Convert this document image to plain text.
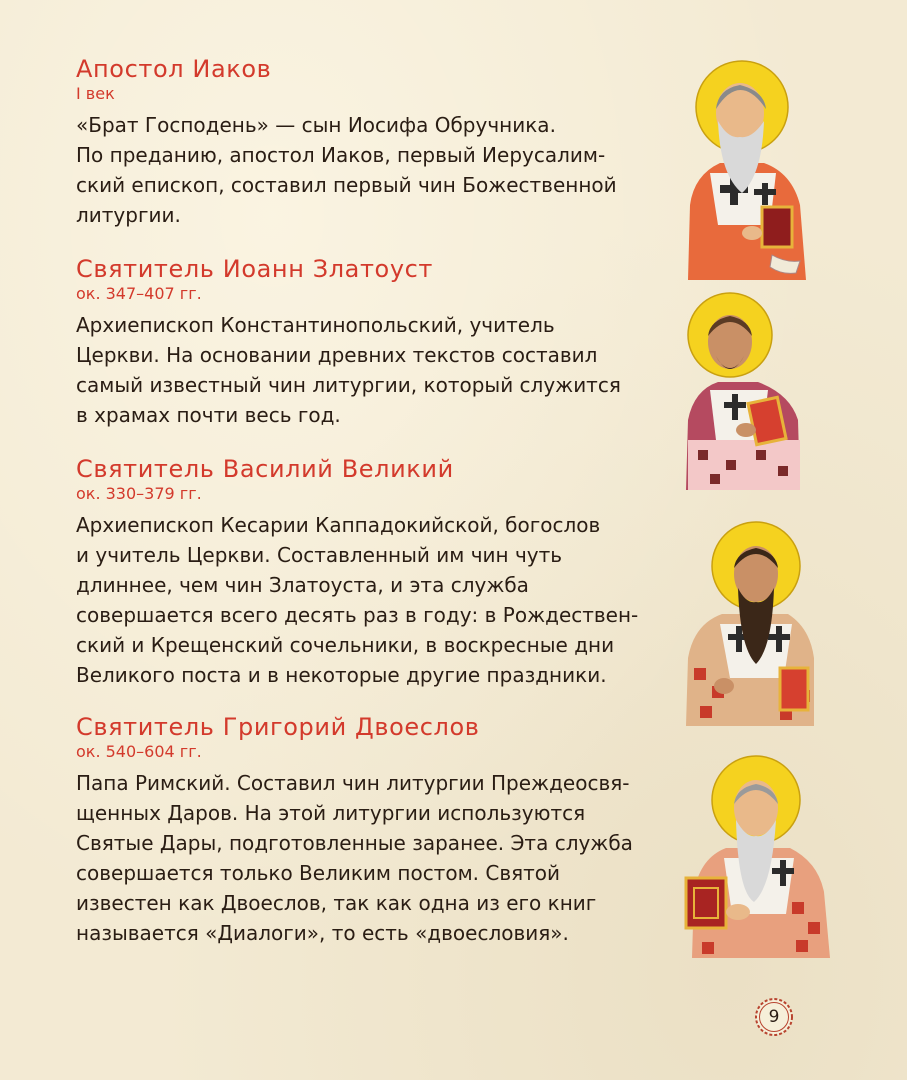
Апостол Иаков
I век

«Брат Господень» — сын Иосифа Обручника.
По преданию, апостол Иаков, первый Иерусалим-
ский епископ, составил первый чин Божественной
литургии.

Святитель Иоанн Златоуст
ок. 347–407 гг.

Архиепископ Константинопольский, учитель
Церкви. На основании древних текстов составил
самый известный чин литургии, который служится
в храмах почти весь год.

Святитель Василий Великий
ок. 330–379 гг.

Архиепископ Кесарии Каппадокийской, богослов
и учитель Церкви. Составленный им чин чуть
длиннее, чем чин Златоуста, и эта служба
совершается всего десять раз в году: в Рождествен-
ский и Крещенский сочельники, в воскресные дни
Великого поста и в некоторые другие праздники.

Святитель Григорий Двоеслов
ок. 540–604 гг.

Папа Римский. Составил чин литургии Преждеосвя-
щенных Даров. На этой литургии используются
Святые Дары, подготовленные заранее. Эта служба
совершается только Великим постом. Святой
известен как Двоеслов, так как одна из его книг
называется «Диалоги», то есть «двоесловия».

9
